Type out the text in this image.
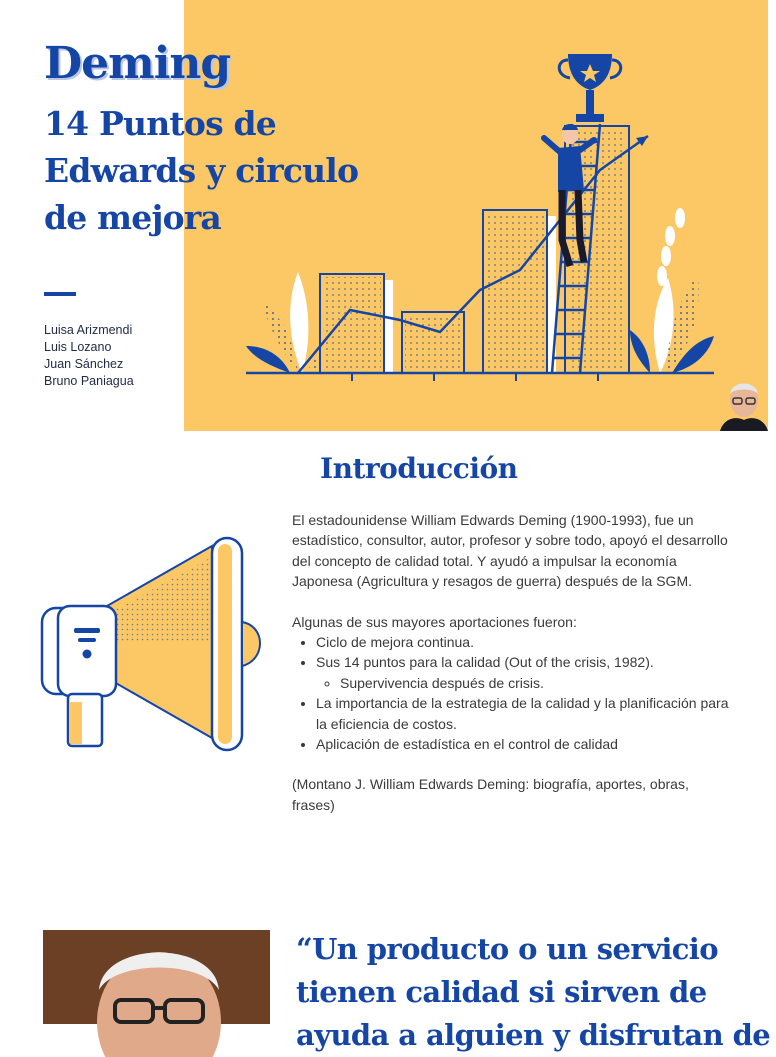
Deming
14 Puntos de Edwards y circulo de mejora
Luisa Arizmendi
Luis Lozano
Juan Sánchez
Bruno Paniagua
Introducción

El estadounidense William Edwards Deming (1900-1993), fue un estadístico, consultor, autor, profesor y sobre todo, apoyó el desarrollo del concepto de calidad total. Y ayudó a impulsar la economía Japonesa (Agricultura y resagos de guerra) después de la SGM.

Algunas de sus mayores aportaciones fueron:

• Ciclo de mejora continua.
• Sus 14 puntos para la calidad (Out of the crisis, 1982).
◦ Supervivencia después de crisis.
• La importancia de la estrategia de la calidad y la planificación para la eficiencia de costos.
• Aplicación de estadística en el control de calidad

(Montano J. William Edwards Deming: biografía, aportes, obras, frases)

“Un producto o un servicio
tienen calidad si sirven de
ayuda a alguien y disfrutan de
